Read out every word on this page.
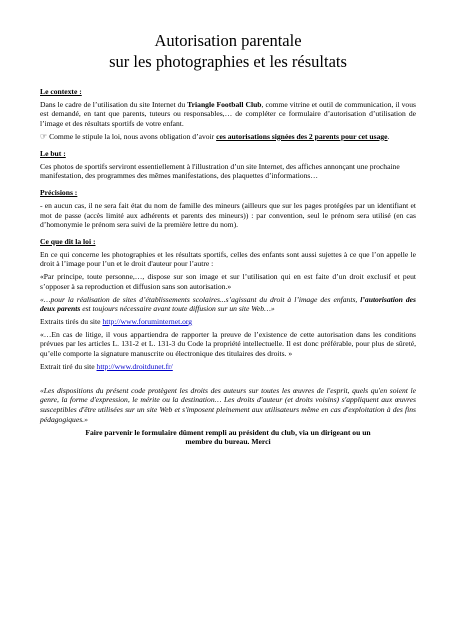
Autorisation parentale
sur les photographies et les résultats
Le contexte :

Dans le cadre de l’utilisation du site Internet du Triangle Football Club, comme vitrine et outil de communication, il vous est demandé, en tant que parents, tuteurs ou responsables,… de compléter ce formulaire d’autorisation d’utilisation de l’image et des résultats sportifs de votre enfant.

☞ Comme le stipule la loi, nous avons obligation d’avoir ces autorisations signées des 2 parents pour cet usage.

Le but :

Ces photos de sportifs serviront essentiellement à l'illustration d’un site Internet, des affiches annonçant une prochaine manifestation, des programmes des mêmes manifestations, des plaquettes d’informations…

Précisions :

- en aucun cas, il ne sera fait état du nom de famille des mineurs (ailleurs que sur les pages protégées par un identifiant et mot de passe (accès limité aux adhérents et parents des mineurs)) : par convention, seul le prénom sera utilisé (en cas d’homonymie le prénom sera suivi de la première lettre du nom).

Ce que dit la loi :

En ce qui concerne les photographies et les résultats sportifs, celles des enfants sont aussi sujettes à ce que l’on appelle le droit à l’image pour l’un et le droit d'auteur pour l’autre :

«Par principe, toute personne,…, dispose sur son image et sur l’utilisation qui en est faite d’un droit exclusif et peut s’opposer à sa reproduction et diffusion sans son autorisation.»

«…pour la réalisation de sites d’établissements scolaires...s’agissant du droit à l’image des enfants, l’autorisation des deux parents est toujours nécessaire avant toute diffusion sur un site Web…»

Extraits tirés du site http://www.foruminternet.org

«…En cas de litige, il vous appartiendra de rapporter la preuve de l’existence de cette autorisation dans les conditions prévues par les articles L. 131-2 et L. 131-3 du Code la propriété intellectuelle. Il est donc préférable, pour plus de sûreté, qu’elle comporte la signature manuscrite ou électronique des titulaires des droits. »

Extrait tiré du site http://www.droitdunet.fr/

«Les dispositions du présent code protègent les droits des auteurs sur toutes les œuvres de l'esprit, quels qu'en soient le genre, la forme d'expression, le mérite ou la destination… Les droits d'auteur (et droits voisins) s'appliquent aux œuvres susceptibles d'être utilisées sur un site Web et s'imposent pleinement aux utilisateurs même en cas d'exploitation à des fins pédagogiques.»

Faire parvenir le formulaire dûment rempli au président du club, via un dirigeant ou un
membre du bureau. Merci
